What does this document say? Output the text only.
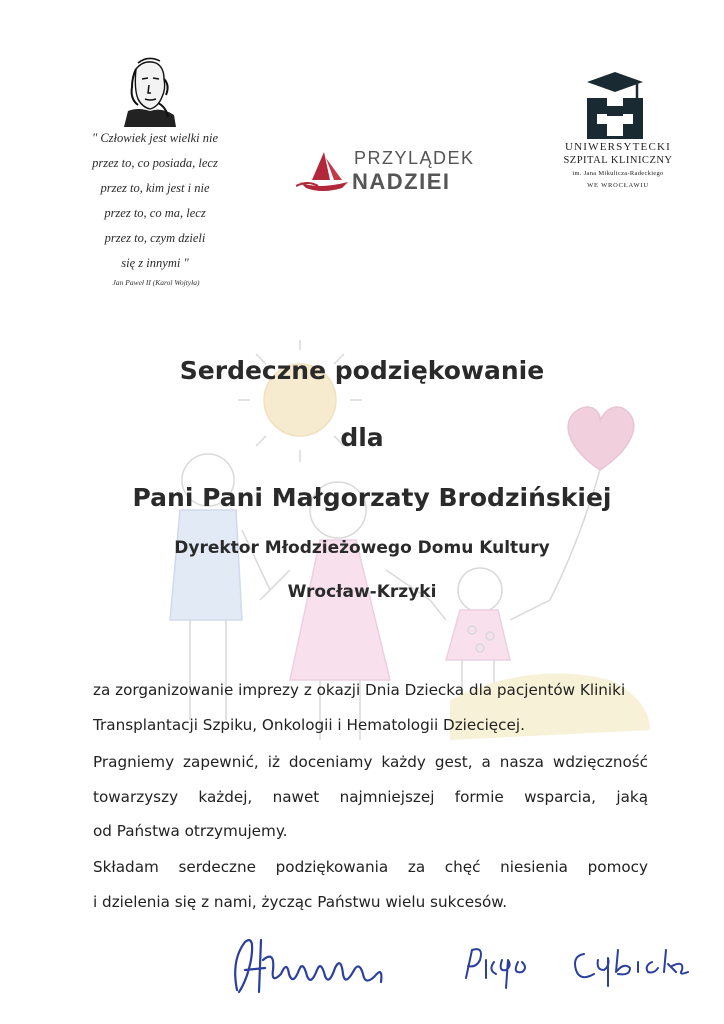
" Człowiek jest wielki nie
przez to, co posiada, lecz
przez to, kim jest i nie
przez to, co ma, lecz
przez to, czym dzieli
się z innymi "
Jan Paweł II (Karol Wojtyła)
PRZYLĄDEK
NADZIEI
UNIWERSYTECKI
SZPITAL KLINICZNY
im. Jana Mikulicza-Radeckiego
WE WROCŁAWIU
Serdeczne podziękowanie
dla
Pani Pani Małgorzaty Brodzińskiej
Dyrektor Młodzieżowego Domu Kultury
Wrocław-Krzyki
za zorganizowanie imprezy z okazji Dnia Dziecka dla pacjentów Kliniki
Transplantacji Szpiku, Onkologii i Hematologii Dziecięcej.
Pragniemy zapewnić, iż doceniamy każdy gest, a nasza wdzięczność
towarzyszy każdej, nawet najmniejszej formie wsparcia, jaką
od Państwa otrzymujemy.
Składam serdeczne podziękowania za chęć niesienia pomocy
i dzielenia się z nami, życząc Państwu wielu sukcesów.
